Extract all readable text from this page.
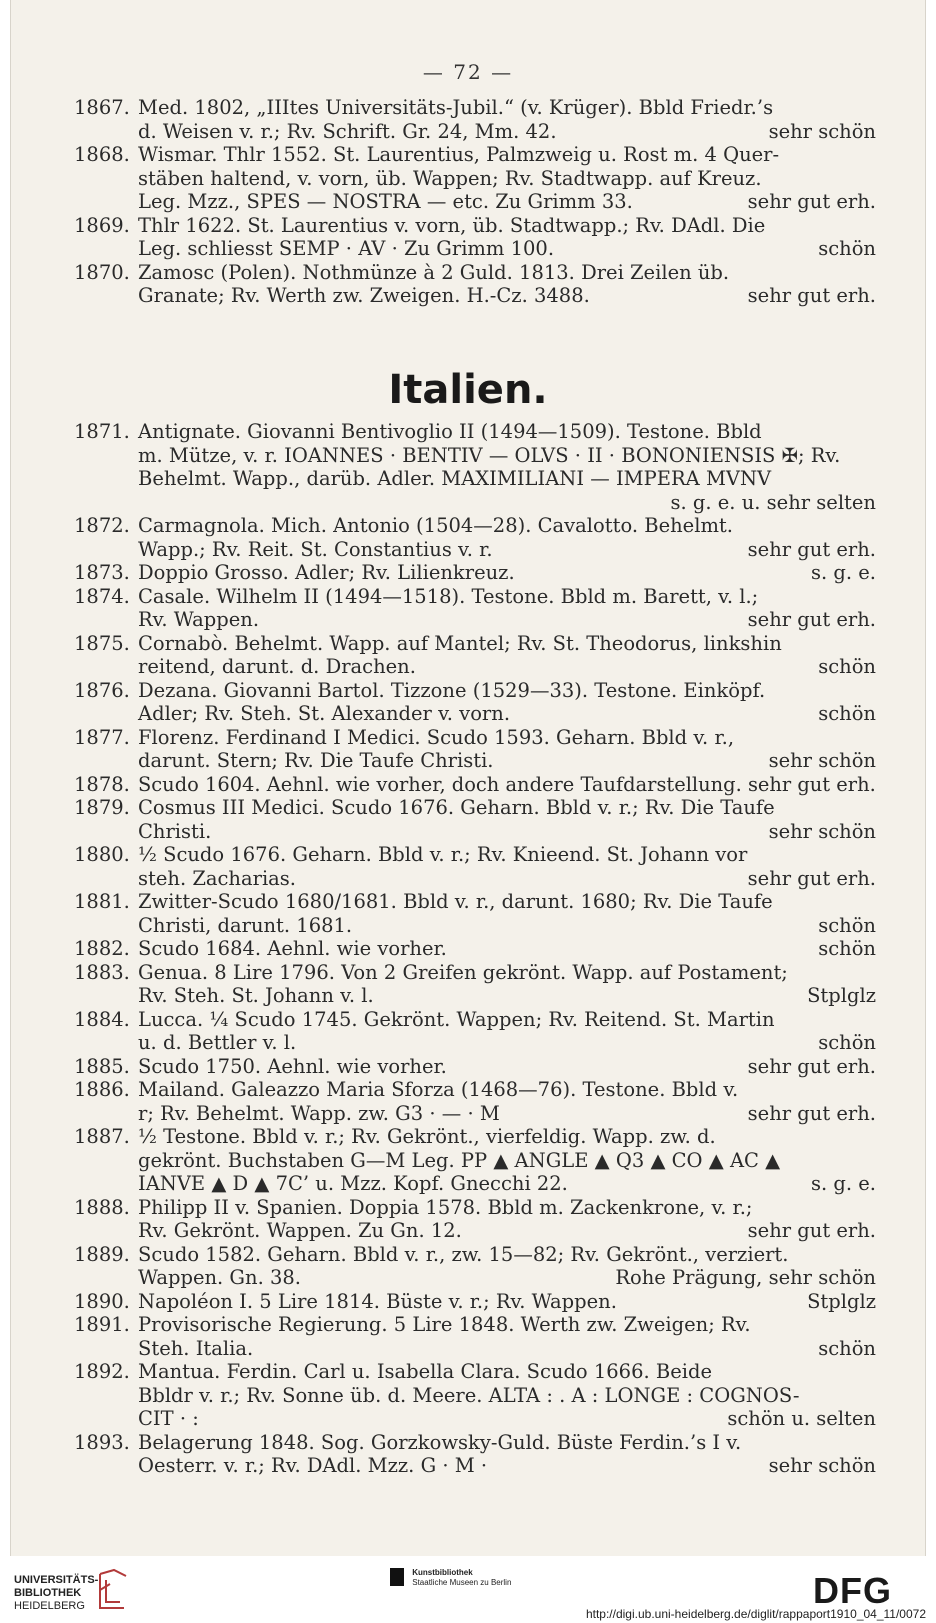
— 72 —
1867. Med. 1802, „IIItes Universitäts-Jubil.“ (v. Krüger). Bbld Friedr.’s
d. Weisen v. r.; Rv. Schrift. Gr. 24, Mm. 42.	sehr schön
1868. Wismar. Thlr 1552. St. Laurentius, Palmzweig u. Rost m. 4 Quer-
stäben haltend, v. vorn, üb. Wappen; Rv. Stadtwapp. auf Kreuz.
Leg. Mzz., SPES — NOSTRA — etc. Zu Grimm 33.	sehr gut erh.
1869. Thlr 1622. St. Laurentius v. vorn, üb. Stadtwapp.; Rv. DAdl. Die
Leg. schliesst SEMP · AV · Zu Grimm 100.	schön
1870. Zamosc (Polen). Nothmünze à 2 Guld. 1813. Drei Zeilen üb.
Granate; Rv. Werth zw. Zweigen. H.-Cz. 3488.	sehr gut erh.
Italien.
1871. Antignate. Giovanni Bentivoglio II (1494—1509). Testone. Bbld
m. Mütze, v. r. IOANNES · BENTIV — OLVS · II · BONONIENSIS ✠; Rv.
Behelmt. Wapp., darüb. Adler. MAXIMILIANI — IMPERA MVNV
s. g. e. u. sehr selten
1872. Carmagnola. Mich. Antonio (1504—28). Cavalotto. Behelmt.
Wapp.; Rv. Reit. St. Constantius v. r.	sehr gut erh.
1873. Doppio Grosso. Adler; Rv. Lilienkreuz.	s. g. e.
1874. Casale. Wilhelm II (1494—1518). Testone. Bbld m. Barett, v. l.;
Rv. Wappen.	sehr gut erh.
1875. Cornabò. Behelmt. Wapp. auf Mantel; Rv. St. Theodorus, linkshin
reitend, darunt. d. Drachen.	schön
1876. Dezana. Giovanni Bartol. Tizzone (1529—33). Testone. Einköpf.
Adler; Rv. Steh. St. Alexander v. vorn.	schön
1877. Florenz. Ferdinand I Medici. Scudo 1593. Geharn. Bbld v. r.,
darunt. Stern; Rv. Die Taufe Christi.	sehr schön
1878. Scudo 1604. Aehnl. wie vorher, doch andere Taufdarstellung. sehr gut erh.
1879. Cosmus III Medici. Scudo 1676. Geharn. Bbld v. r.; Rv. Die Taufe
Christi.	sehr schön
1880. ½ Scudo 1676. Geharn. Bbld v. r.; Rv. Knieend. St. Johann vor
steh. Zacharias.	sehr gut erh.
1881. Zwitter-Scudo 1680/1681. Bbld v. r., darunt. 1680; Rv. Die Taufe
Christi, darunt. 1681.	schön
1882. Scudo 1684. Aehnl. wie vorher.	schön
1883. Genua. 8 Lire 1796. Von 2 Greifen gekrönt. Wapp. auf Postament;
Rv. Steh. St. Johann v. l.	Stplglz
1884. Lucca. ¼ Scudo 1745. Gekrönt. Wappen; Rv. Reitend. St. Martin
u. d. Bettler v. l.	schön
1885. Scudo 1750. Aehnl. wie vorher.	sehr gut erh.
1886. Mailand. Galeazzo Maria Sforza (1468—76). Testone. Bbld v.
r; Rv. Behelmt. Wapp. zw. G3 · — · M	sehr gut erh.
1887. ½ Testone. Bbld v. r.; Rv. Gekrönt., vierfeldig. Wapp. zw. d.
gekrönt. Buchstaben G—M Leg. PP ▲ ANGLE ▲ Q3 ▲ CO ▲ AC ▲
IANVE ▲ D ▲ 7C’ u. Mzz. Kopf. Gnecchi 22.	s. g. e.
1888. Philipp II v. Spanien. Doppia 1578. Bbld m. Zackenkrone, v. r.;
Rv. Gekrönt. Wappen. Zu Gn. 12.	sehr gut erh.
1889. Scudo 1582. Geharn. Bbld v. r., zw. 15—82; Rv. Gekrönt., verziert.
Wappen. Gn. 38.	Rohe Prägung, sehr schön
1890. Napoléon I. 5 Lire 1814. Büste v. r.; Rv. Wappen.	Stplglz
1891. Provisorische Regierung. 5 Lire 1848. Werth zw. Zweigen; Rv.
Steh. Italia.	schön
1892. Mantua. Ferdin. Carl u. Isabella Clara. Scudo 1666. Beide
Bbldr v. r.; Rv. Sonne üb. d. Meere. ALTA : . A : LONGE : COGNOS-
CIT · :	schön u. selten
1893. Belagerung 1848. Sog. Gorzkowsky-Guld. Büste Ferdin.’s I v.
Oesterr. v. r.; Rv. DAdl. Mzz. G · M ·	sehr schön
UNIVERSITÄTS-
BIBLIOTHEK
HEIDELBERG

Kunstbibliothek
Staatliche Museen zu Berlin	DFG
http://digi.ub.uni-heidelberg.de/diglit/rappaport1910_04_11/0072
